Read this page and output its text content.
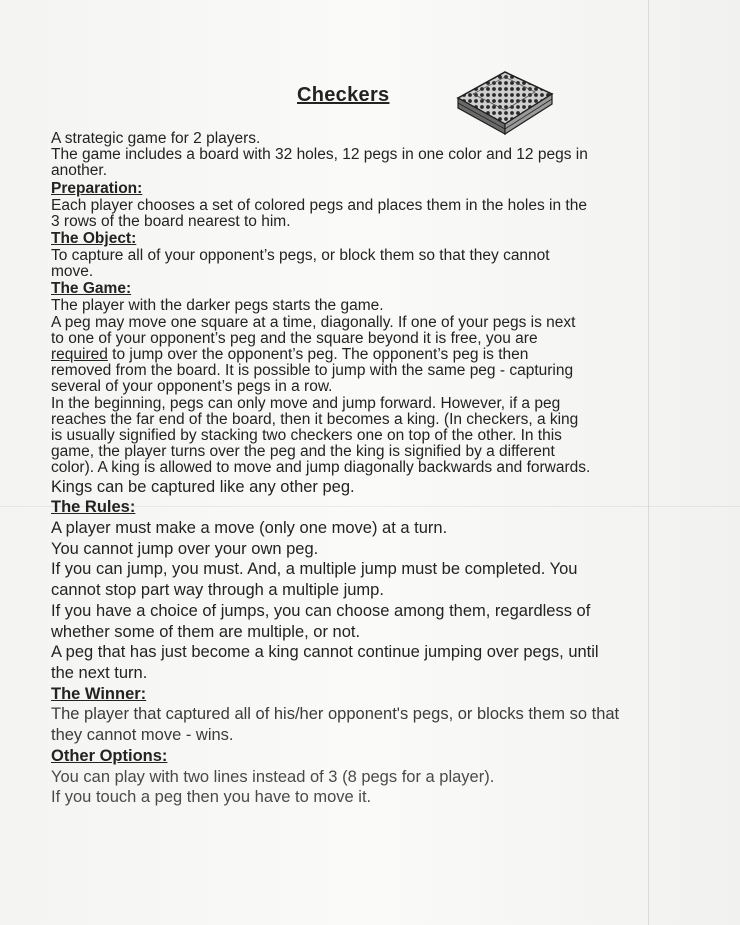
Checkers
A strategic game for 2 players.
The game includes a board with 32 holes, 12 pegs in one color and 12 pegs in
another.
Preparation:
Each player chooses a set of colored pegs and places them in the holes in the
3 rows of the board nearest to him.
The Object:
To capture all of your opponent’s pegs, or block them so that they cannot
move.
The Game:
The player with the darker pegs starts the game.
A peg may move one square at a time, diagonally. If one of your pegs is next
to one of your opponent’s peg and the square beyond it is free, you are
required to jump over the opponent’s peg. The opponent’s peg is then
removed from the board. It is possible to jump with the same peg - capturing
several of your opponent’s pegs in a row.
In the beginning, pegs can only move and jump forward. However, if a peg
reaches the far end of the board, then it becomes a king. (In checkers, a king
is usually signified by stacking two checkers one on top of the other. In this
game, the player turns over the peg and the king is signified by a different
color). A king is allowed to move and jump diagonally backwards and forwards.
Kings can be captured like any other peg.
The Rules:
A player must make a move (only one move) at a turn.
You cannot jump over your own peg.
If you can jump, you must. And, a multiple jump must be completed. You
cannot stop part way through a multiple jump.
If you have a choice of jumps, you can choose among them, regardless of
whether some of them are multiple, or not.
A peg that has just become a king cannot continue jumping over pegs, until
the next turn.
The Winner:
The player that captured all of his/her opponent's pegs, or blocks them so that
they cannot move - wins.
Other Options:
You can play with two lines instead of 3 (8 pegs for a player).
If you touch a peg then you have to move it.
